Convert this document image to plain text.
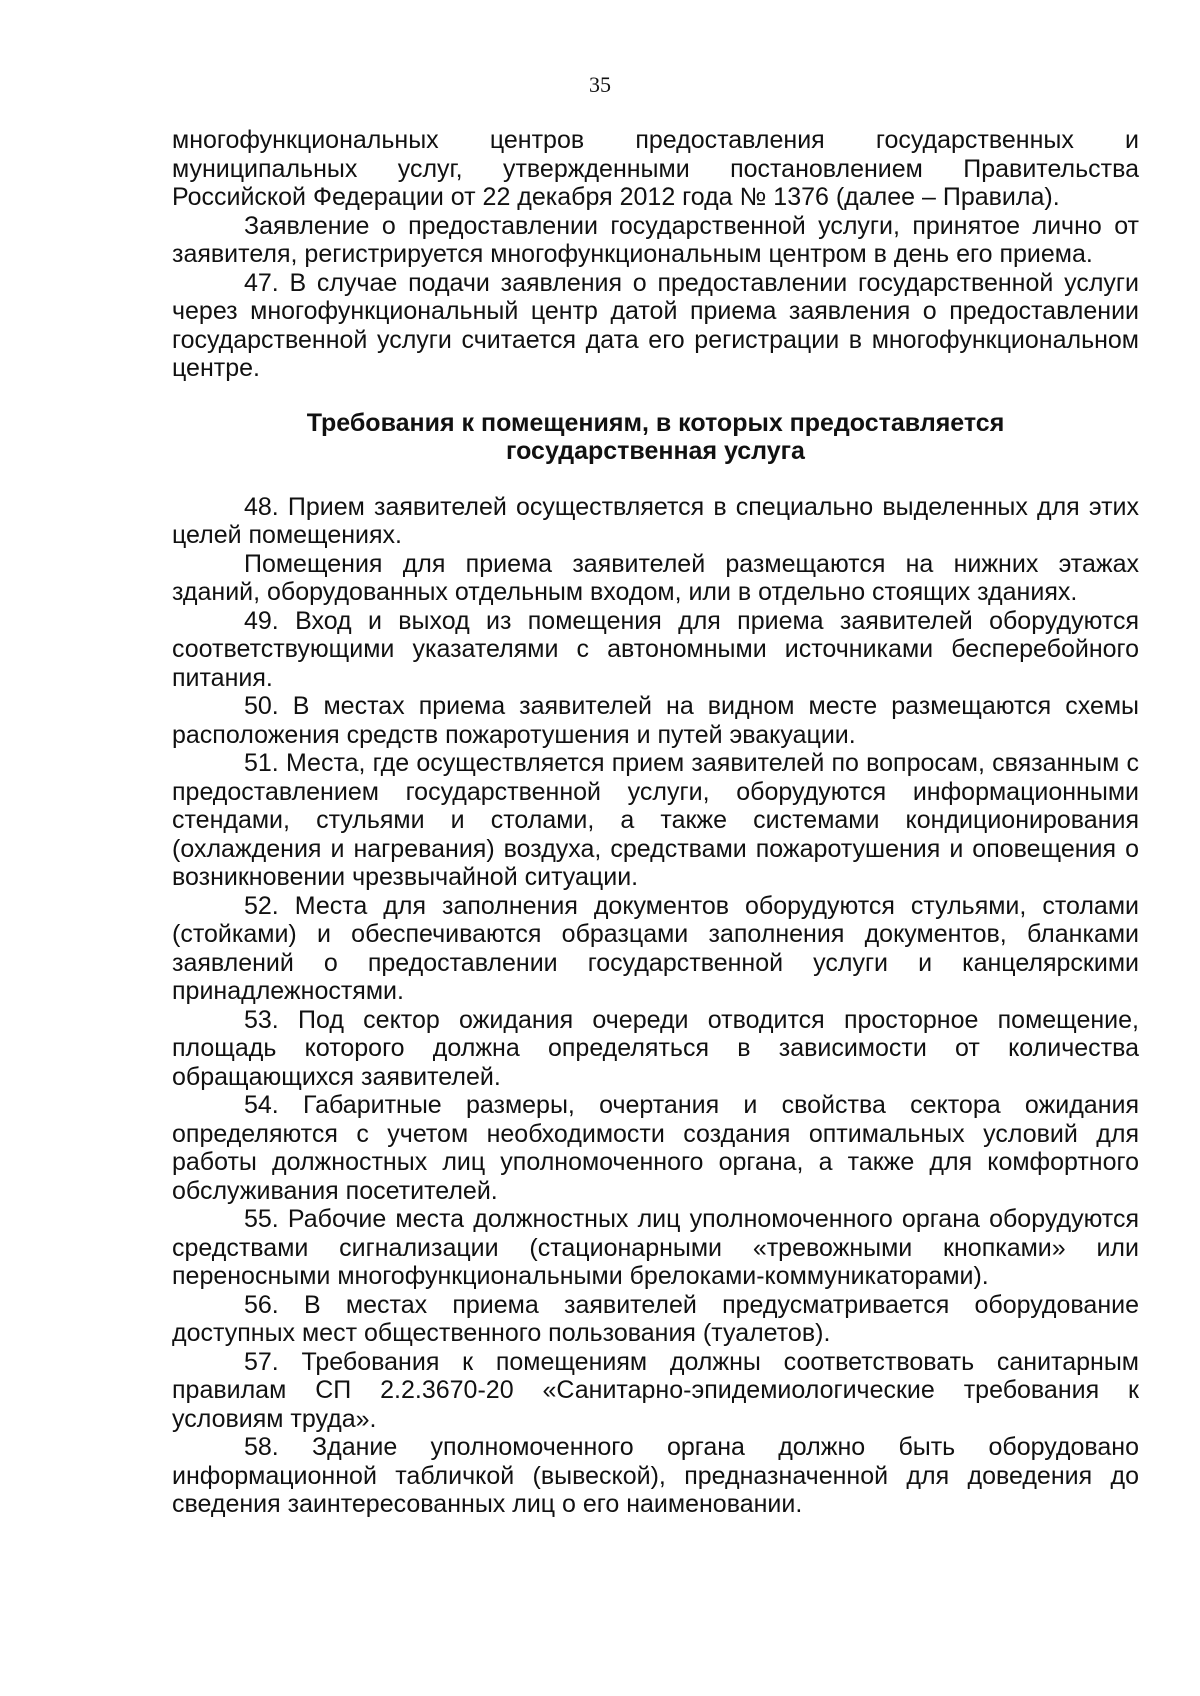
35

многофункциональных центров предоставления государственных и муниципальных услуг, утвержденными постановлением Правительства Российской Федерации от 22 декабря 2012 года № 1376 (далее – Правила).

Заявление о предоставлении государственной услуги, принятое лично от заявителя, регистрируется многофункциональным центром в день его приема.

47. В случае подачи заявления о предоставлении государственной услуги через многофункциональный центр датой приема заявления о предоставлении государственной услуги считается дата его регистрации в многофункциональном центре.

Требования к помещениям, в которых предоставляется
государственная услуга

48. Прием заявителей осуществляется в специально выделенных для этих целей помещениях.

Помещения для приема заявителей размещаются на нижних этажах зданий, оборудованных отдельным входом, или в отдельно стоящих зданиях.

49. Вход и выход из помещения для приема заявителей оборудуются соответствующими указателями с автономными источниками бесперебойного питания.

50. В местах приема заявителей на видном месте размещаются схемы расположения средств пожаротушения и путей эвакуации.

51. Места, где осуществляется прием заявителей по вопросам, связанным с предоставлением государственной услуги, оборудуются информационными стендами, стульями и столами, а также системами кондиционирования (охлаждения и нагревания) воздуха, средствами пожаротушения и оповещения о возникновении чрезвычайной ситуации.

52. Места для заполнения документов оборудуются стульями, столами (стойками) и обеспечиваются образцами заполнения документов, бланками заявлений о предоставлении государственной услуги и канцелярскими принадлежностями.

53. Под сектор ожидания очереди отводится просторное помещение, площадь которого должна определяться в зависимости от количества обращающихся заявителей.

54. Габаритные размеры, очертания и свойства сектора ожидания определяются с учетом необходимости создания оптимальных условий для работы должностных лиц уполномоченного органа, а также для комфортного обслуживания посетителей.

55. Рабочие места должностных лиц уполномоченного органа оборудуются средствами сигнализации (стационарными «тревожными кнопками» или переносными многофункциональными брелоками-коммуникаторами).

56. В местах приема заявителей предусматривается оборудование доступных мест общественного пользования (туалетов).

57. Требования к помещениям должны соответствовать санитарным правилам СП 2.2.3670-20 «Санитарно-эпидемиологические требования к условиям труда».

58. Здание уполномоченного органа должно быть оборудовано информационной табличкой (вывеской), предназначенной для доведения до сведения заинтересованных лиц о его наименовании.
